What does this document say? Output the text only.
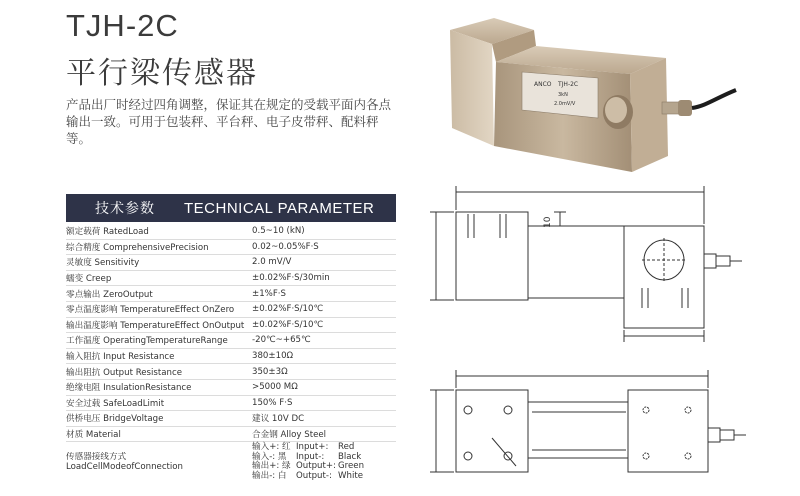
TJH-2C
平行梁传感器
产品出厂时经过四角调整，保证其在规定的受载平面内各点输出一致。可用于包装秤、平台秤、电子皮带秤、配料秤等。
ANCO TJH-2C
3kN
2.0mV/V
技术参数	TECHNICAL PARAMETER
额定载荷 RatedLoad	0.5~10 (kN)
综合精度 ComprehensivePrecision	0.02~0.05%F·S
灵敏度 Sensitivity	2.0 mV/V
蠕变 Creep	±0.02%F·S/30min
零点输出 ZeroOutput	±1%F·S
零点温度影响 TemperatureEffect OnZero	±0.02%F·S/10℃
输出温度影响 TemperatureEffect OnOutput ±0.02%F·S/10℃
工作温度 OperatingTemperatureRange	-20℃~+65℃
输入阻抗 Input Resistance	380±10Ω
输出阻抗 Output Resistance	350±3Ω
绝缘电阻 InsulationResistance	>5000 MΩ
安全过载 SafeLoadLimit	150% F·S
供桥电压 BridgeVoltage	建议 10V DC
材质 Material	合金钢 Alloy Steel
传感器接线方式
LoadCellModeofConnection
输入+: 红 Input+:	Red
输入-: 黑	Input-:	Black
输出+: 绿 Output+: Green
输出-: 白	Output-: White
10
